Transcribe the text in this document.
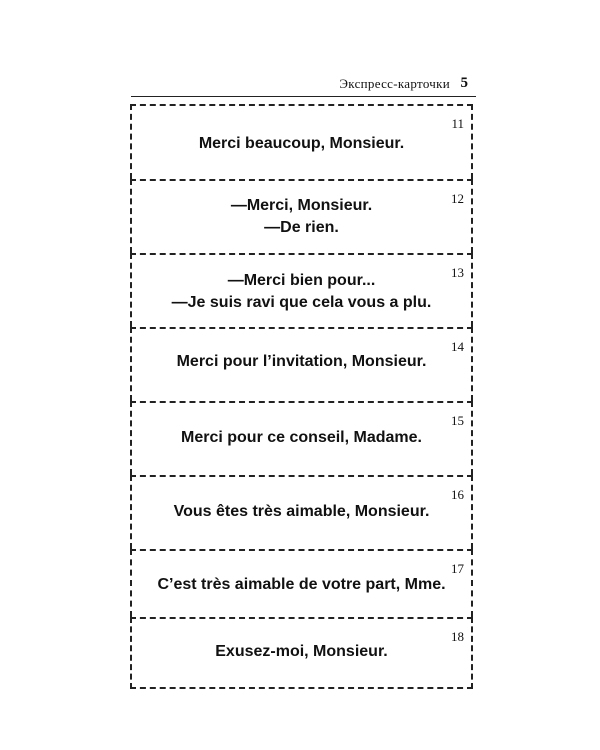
Экспресс-карточки 5
11
Merci beaucoup, Monsieur.
12
—Merci, Monsieur.
—De rien.
13
—Merci bien pour...
—Je suis ravi que cela vous a plu.
14
Merci pour l’invitation, Monsieur.
15
Merci pour ce conseil, Madame.
16
Vous êtes très aimable, Monsieur.
17
C’est très aimable de votre part, Mme.
18
Exusez-moi, Monsieur.
